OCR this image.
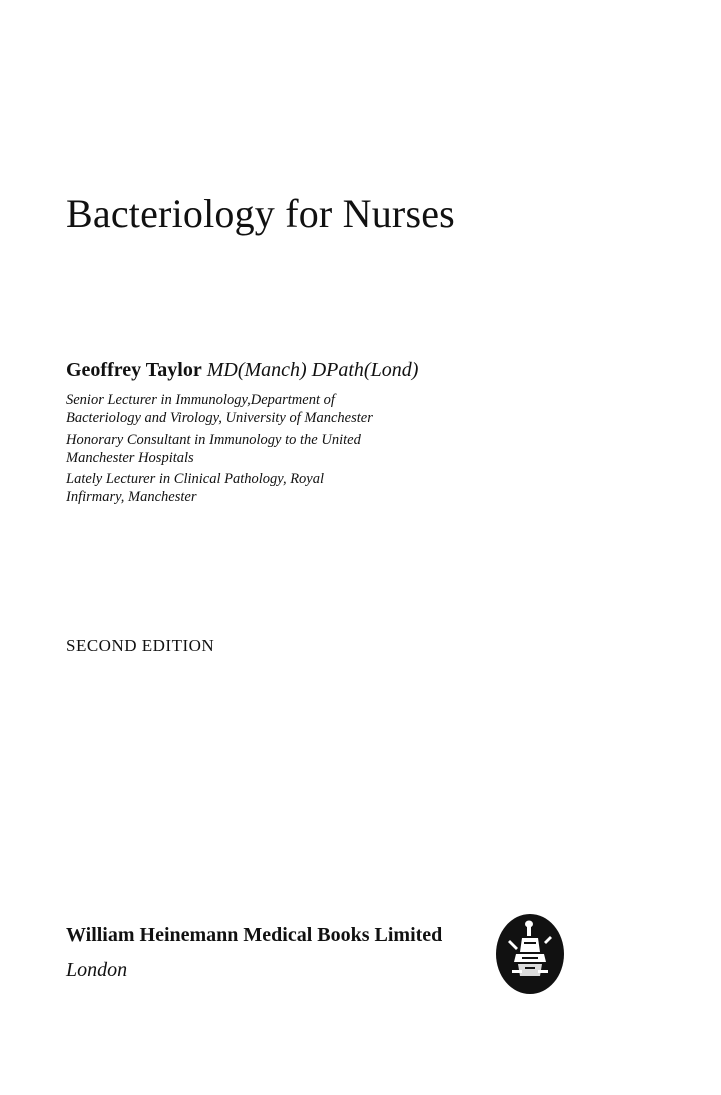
Bacteriology for Nurses
Geoffrey Taylor MD(Manch) DPath(Lond)
Senior Lecturer in Immunology,Department of
Bacteriology and Virology, University of Manchester
Honorary Consultant in Immunology to the United
Manchester Hospitals
Lately Lecturer in Clinical Pathology, Royal
Infirmary, Manchester
SECOND EDITION
William Heinemann Medical Books Limited
London
